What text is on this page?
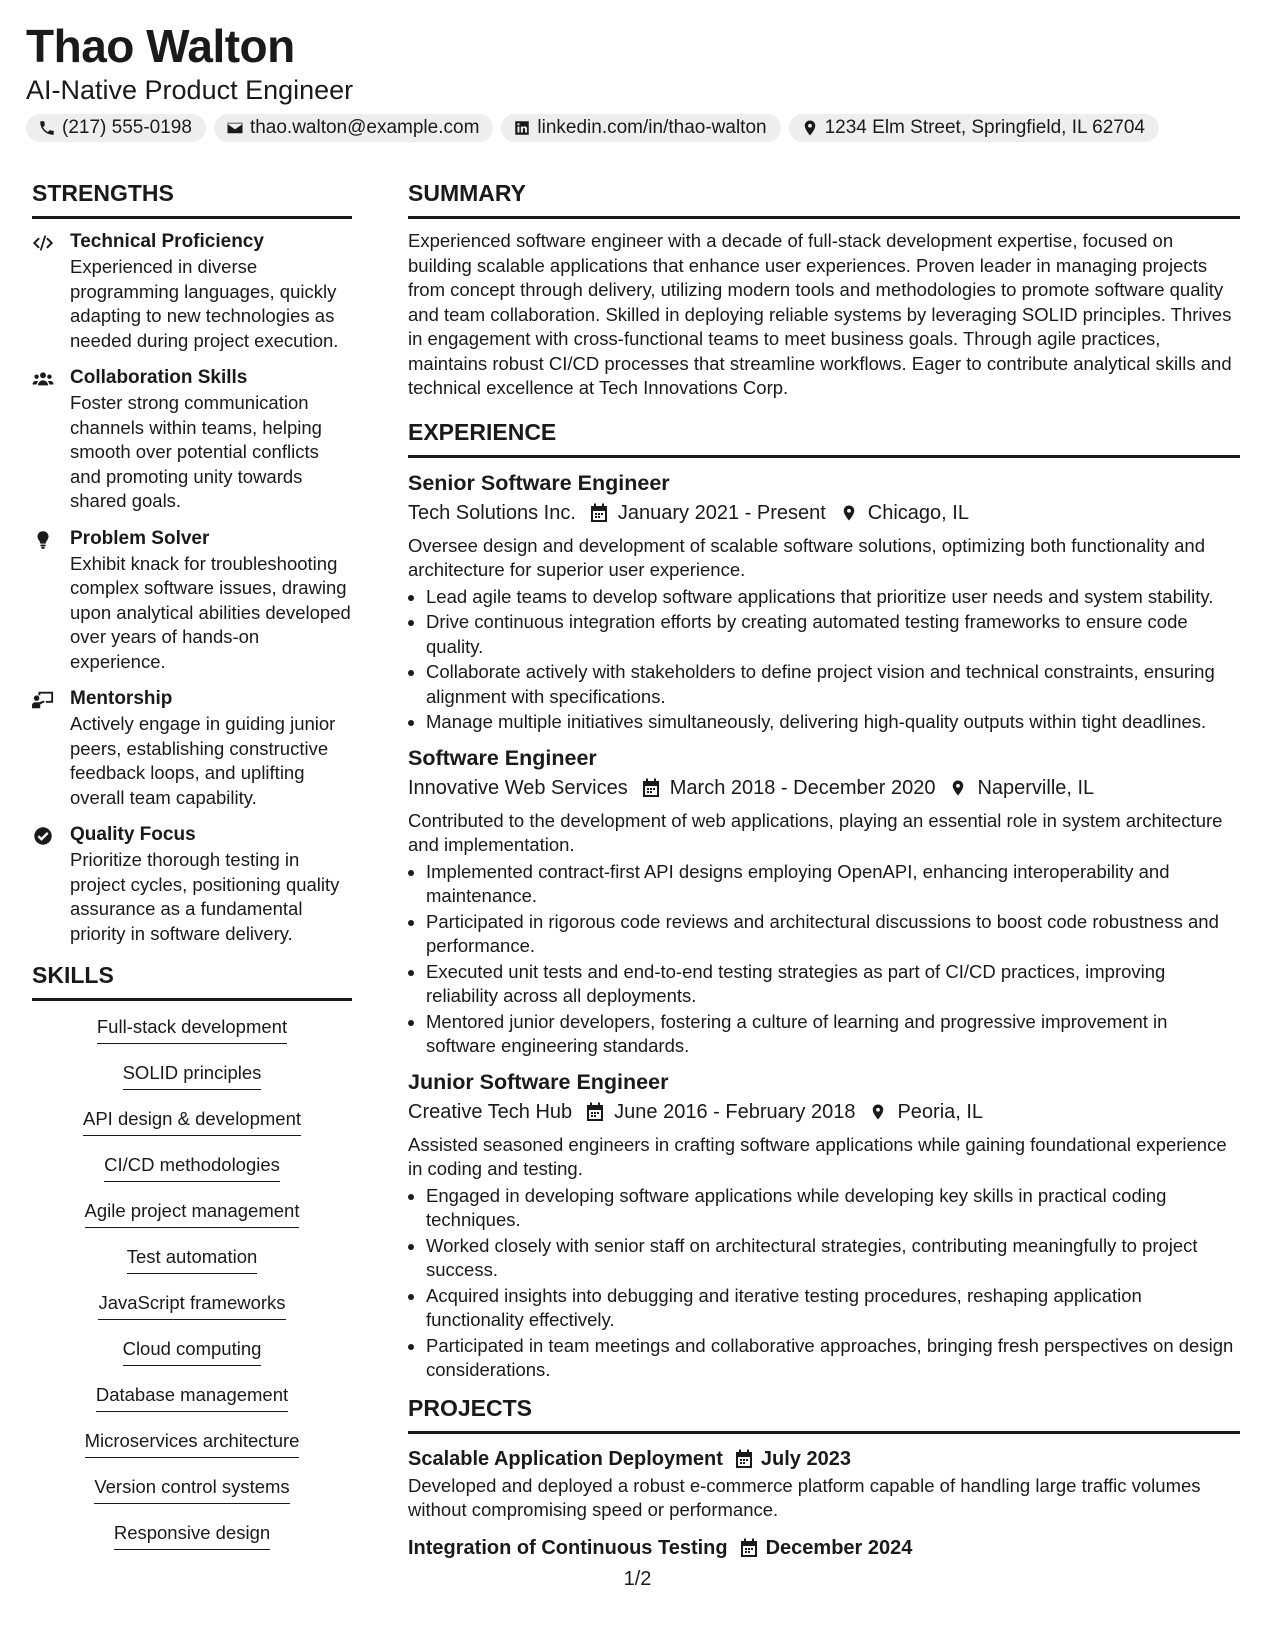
Thao Walton
AI-Native Product Engineer
(217) 555-0198	thao.walton@example.com	linkedin.com/in/thao-walton	1234 Elm Street, Springfield, IL 62704
STRENGTHS
Technical Proficiency
Experienced in diverse programming languages, quickly adapting to new technologies as needed during project execution.
Collaboration Skills
Foster strong communication channels within teams, helping smooth over potential conflicts and promoting unity towards shared goals.
Problem Solver
Exhibit knack for troubleshooting complex software issues, drawing upon analytical abilities developed over years of hands-on experience.
Mentorship
Actively engage in guiding junior peers, establishing constructive feedback loops, and uplifting overall team capability.
Quality Focus
Prioritize thorough testing in project cycles, positioning quality assurance as a fundamental priority in software delivery.
SKILLS
Full-stack development
SOLID principles
API design & development
CI/CD methodologies
Agile project management
Test automation
JavaScript frameworks
Cloud computing
Database management
Microservices architecture
Version control systems
Responsive design
SUMMARY

Experienced software engineer with a decade of full-stack development expertise, focused on building scalable applications that enhance user experiences. Proven leader in managing projects from concept through delivery, utilizing modern tools and methodologies to promote software quality and team collaboration. Skilled in deploying reliable systems by leveraging SOLID principles. Thrives in engagement with cross-functional teams to meet business goals. Through agile practices, maintains robust CI/CD processes that streamline workflows. Eager to contribute analytical skills and technical excellence at Tech Innovations Corp.

EXPERIENCE
Senior Software Engineer
Tech Solutions Inc. January 2021 - Present Chicago, IL
Oversee design and development of scalable software solutions, optimizing both functionality and architecture for superior user experience.
• Lead agile teams to develop software applications that prioritize user needs and system stability.
• Drive continuous integration efforts by creating automated testing frameworks to ensure code quality.
• Collaborate actively with stakeholders to define project vision and technical constraints, ensuring alignment with specifications.
• Manage multiple initiatives simultaneously, delivering high-quality outputs within tight deadlines.
Software Engineer
Innovative Web Services March 2018 - December 2020 Naperville, IL
Contributed to the development of web applications, playing an essential role in system architecture and implementation.
• Implemented contract-first API designs employing OpenAPI, enhancing interoperability and maintenance.
• Participated in rigorous code reviews and architectural discussions to boost code robustness and performance.
• Executed unit tests and end-to-end testing strategies as part of CI/CD practices, improving reliability across all deployments.
• Mentored junior developers, fostering a culture of learning and progressive improvement in software engineering standards.
Junior Software Engineer
Creative Tech Hub June 2016 - February 2018 Peoria, IL
Assisted seasoned engineers in crafting software applications while gaining foundational experience in coding and testing.
• Engaged in developing software applications while developing key skills in practical coding techniques.
• Worked closely with senior staff on architectural strategies, contributing meaningfully to project success.
• Acquired insights into debugging and iterative testing procedures, reshaping application functionality effectively.
• Participated in team meetings and collaborative approaches, bringing fresh perspectives on design considerations.
PROJECTS
Scalable Application Deployment July 2023
Developed and deployed a robust e-commerce platform capable of handling large traffic volumes without compromising speed or performance.
Integration of Continuous Testing December 2024
1/2
